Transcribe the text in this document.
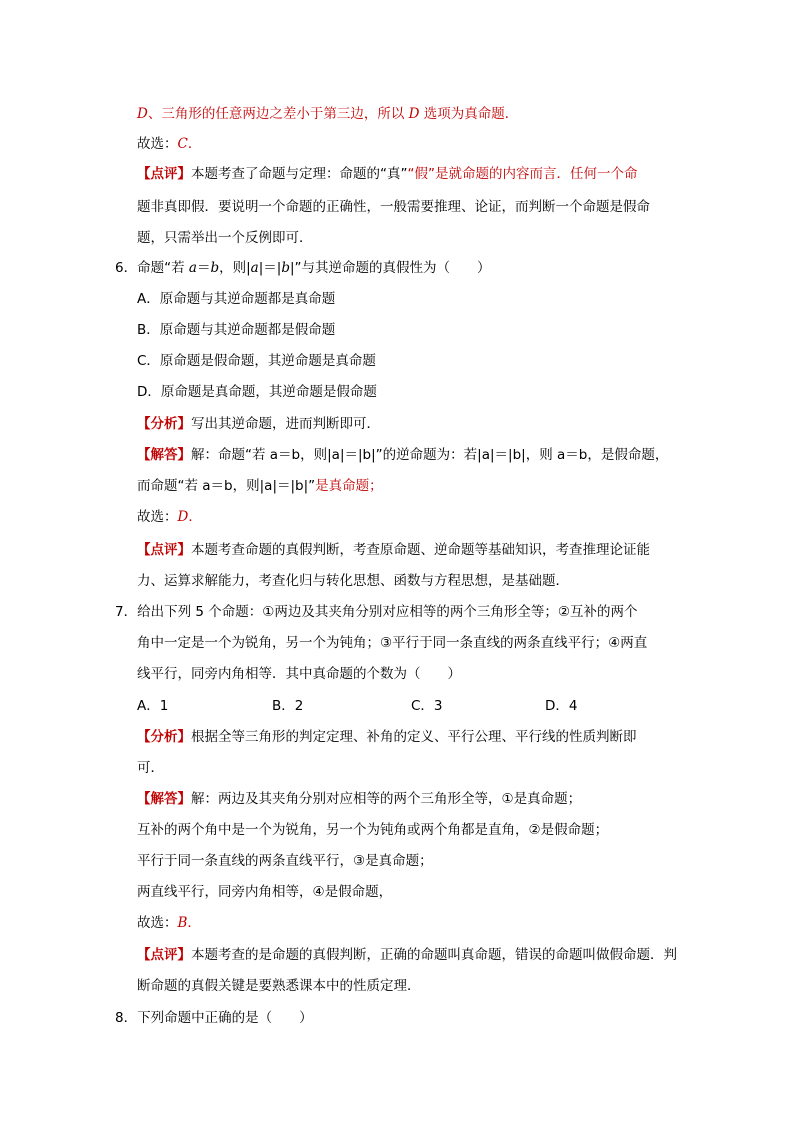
D、三角形的任意两边之差小于第三边，所以 D 选项为真命题．
故选：C．
【点评】本题考查了命题与定理：命题的“真”“假”是就命题的内容而言．任何一个命
题非真即假．要说明一个命题的正确性，一般需要推理、论证，而判断一个命题是假命
题，只需举出一个反例即可．
6．命题“若 a＝b，则|a|＝|b|”与其逆命题的真假性为（　　）
A．原命题与其逆命题都是真命题
B．原命题与其逆命题都是假命题
C．原命题是假命题，其逆命题是真命题
D．原命题是真命题，其逆命题是假命题
【分析】写出其逆命题，进而判断即可．
【解答】解：命题“若 a＝b，则|a|＝|b|”的逆命题为：若|a|＝|b|，则 a＝b，是假命题，
而命题“若 a＝b，则|a|＝|b|”是真命题；
故选：D．
【点评】本题考查命题的真假判断，考查原命题、逆命题等基础知识，考查推理论证能
力、运算求解能力，考查化归与转化思想、函数与方程思想，是基础题．
7．给出下列 5 个命题：①两边及其夹角分别对应相等的两个三角形全等；②互补的两个
角中一定是一个为锐角，另一个为钝角；③平行于同一条直线的两条直线平行；④两直
线平行，同旁内角相等．其中真命题的个数为（　　）
A．1	B．2	C．3	D．4
【分析】根据全等三角形的判定定理、补角的定义、平行公理、平行线的性质判断即
可．
【解答】解：两边及其夹角分别对应相等的两个三角形全等，①是真命题；
互补的两个角中是一个为锐角，另一个为钝角或两个角都是直角，②是假命题；
平行于同一条直线的两条直线平行，③是真命题；
两直线平行，同旁内角相等，④是假命题，
故选：B．
【点评】本题考查的是命题的真假判断，正确的命题叫真命题，错误的命题叫做假命题．判
断命题的真假关键是要熟悉课本中的性质定理．
8．下列命题中正确的是（　　）
